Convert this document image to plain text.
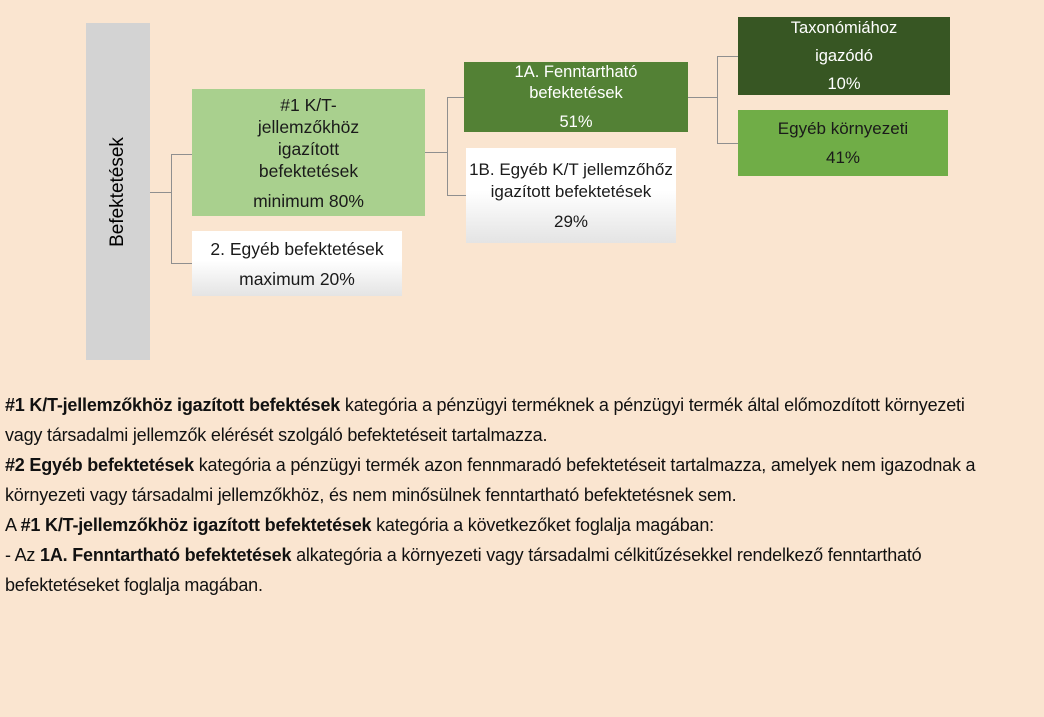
Befektetések
#1 K/T-
jellemzőkhöz
igazított
befektetések
minimum 80%
2. Egyéb befektetések
maximum 20%
1A. Fenntartható
befektetések
51%
1B. Egyéb K/T jellemzőhőz
igazított befektetések
29%
Taxonómiához
igazódó
10%
Egyéb környezeti
41%

#1 K/T-jellemzőkhöz igazított befektések kategória a pénzügyi terméknek a pénzügyi termék által előmozdított környezeti vagy társadalmi jellemzők elérését szolgáló befektetéseit tartalmazza.

#2 Egyéb befektetések kategória a pénzügyi termék azon fennmaradó befektetéseit tartalmazza, amelyek nem igazodnak a környezeti vagy társadalmi jellemzőkhöz, és nem minősülnek fenntartható befektetésnek sem.

A #1 K/T-jellemzőkhöz igazított befektetések kategória a következőket foglalja magában:

- Az 1A. Fenntartható befektetések alkategória a környezeti vagy társadalmi célkitűzésekkel rendelkező fenntartható befektetéseket foglalja magában.
